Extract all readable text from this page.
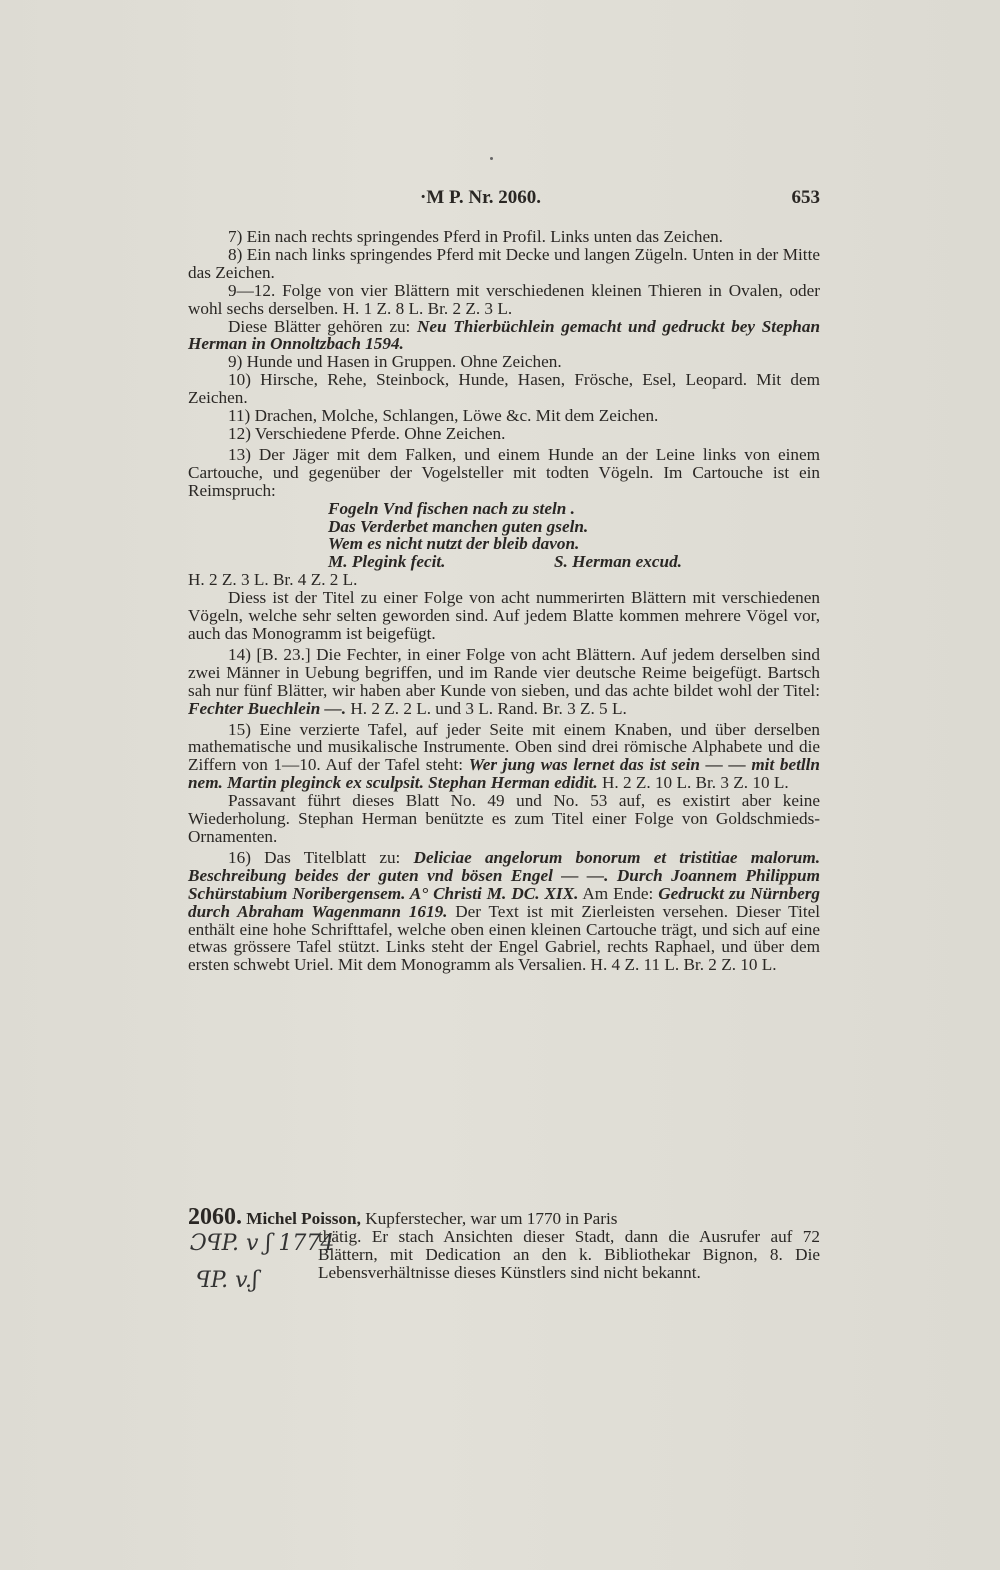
·M P. Nr. 2060.	653

7) Ein nach rechts springendes Pferd in Profil. Links unten das Zeichen.

8) Ein nach links springendes Pferd mit Decke und langen Zügeln. Unten in der Mitte das Zeichen.

9—12. Folge von vier Blättern mit verschiedenen kleinen Thieren in Ovalen, oder wohl sechs derselben. H. 1 Z. 8 L. Br. 2 Z. 3 L.

Diese Blätter gehören zu: Neu Thierbüchlein gemacht und gedruckt bey Stephan Herman in Onnoltzbach 1594.

9) Hunde und Hasen in Gruppen. Ohne Zeichen.

10) Hirsche, Rehe, Steinbock, Hunde, Hasen, Frösche, Esel, Leopard. Mit dem Zeichen.

11) Drachen, Molche, Schlangen, Löwe &c. Mit dem Zeichen.

12) Verschiedene Pferde. Ohne Zeichen.

13) Der Jäger mit dem Falken, und einem Hunde an der Leine links von einem Cartouche, und gegenüber der Vogelsteller mit todten Vögeln. Im Cartouche ist ein Reimspruch:

Fogeln Vnd fischen nach zu steln .

Das Verderbet manchen guten gseln.

Wem es nicht nutzt der bleib davon.

M. Plegink fecit.	S. Herman excud.

H. 2 Z. 3 L. Br. 4 Z. 2 L.

Diess ist der Titel zu einer Folge von acht nummerirten Blättern mit verschiedenen Vögeln, welche sehr selten geworden sind. Auf jedem Blatte kommen mehrere Vögel vor, auch das Monogramm ist beigefügt.

14) [B. 23.] Die Fechter, in einer Folge von acht Blättern. Auf jedem derselben sind zwei Männer in Uebung begriffen, und im Rande vier deutsche Reime beigefügt. Bartsch sah nur fünf Blätter, wir haben aber Kunde von sieben, und das achte bildet wohl der Titel: Fechter Buechlein —. H. 2 Z. 2 L. und 3 L. Rand. Br. 3 Z. 5 L.

15) Eine verzierte Tafel, auf jeder Seite mit einem Knaben, und über derselben mathematische und musikalische Instrumente. Oben sind drei römische Alphabete und die Ziffern von 1—10. Auf der Tafel steht: Wer jung was lernet das ist sein — — mit betlln nem. Martin pleginck ex sculpsit. Stephan Herman edidit. H. 2 Z. 10 L. Br. 3 Z. 10 L.

Passavant führt dieses Blatt No. 49 und No. 53 auf, es existirt aber keine Wiederholung. Stephan Herman benützte es zum Titel einer Folge von Goldschmieds-Ornamenten.

16) Das Titelblatt zu: Deliciae angelorum bonorum et tristitiae malorum. Beschreibung beides der guten vnd bösen Engel — —. Durch Joannem Philippum Schürstabium Noribergensem. A° Christi M. DC. XIX. Am Ende: Gedruckt zu Nürnberg durch Abraham Wagenmann 1619. Der Text ist mit Zierleisten versehen. Dieser Titel enthält eine hohe Schrifttafel, welche oben einen kleinen Cartouche trägt, und sich auf eine etwas grössere Tafel stützt. Links steht der Engel Gabriel, rechts Raphael, und über dem ersten schwebt Uriel. Mit dem Monogramm als Versalien. H. 4 Z. 11 L. Br. 2 Z. 10 L.

2060. Michel Poisson, Kupferstecher, war um 1770 in Paris

thätig. Er stach Ansichten dieser Stadt, dann die Ausrufer auf 72 Blättern, mit Dedication an den k. Bibliothekar Bignon, 8. Die Lebensverhältnisse dieses Künstlers sind nicht bekannt.

ƆꟼP. v ʃ 1774
ꟼP. v.ʃ
